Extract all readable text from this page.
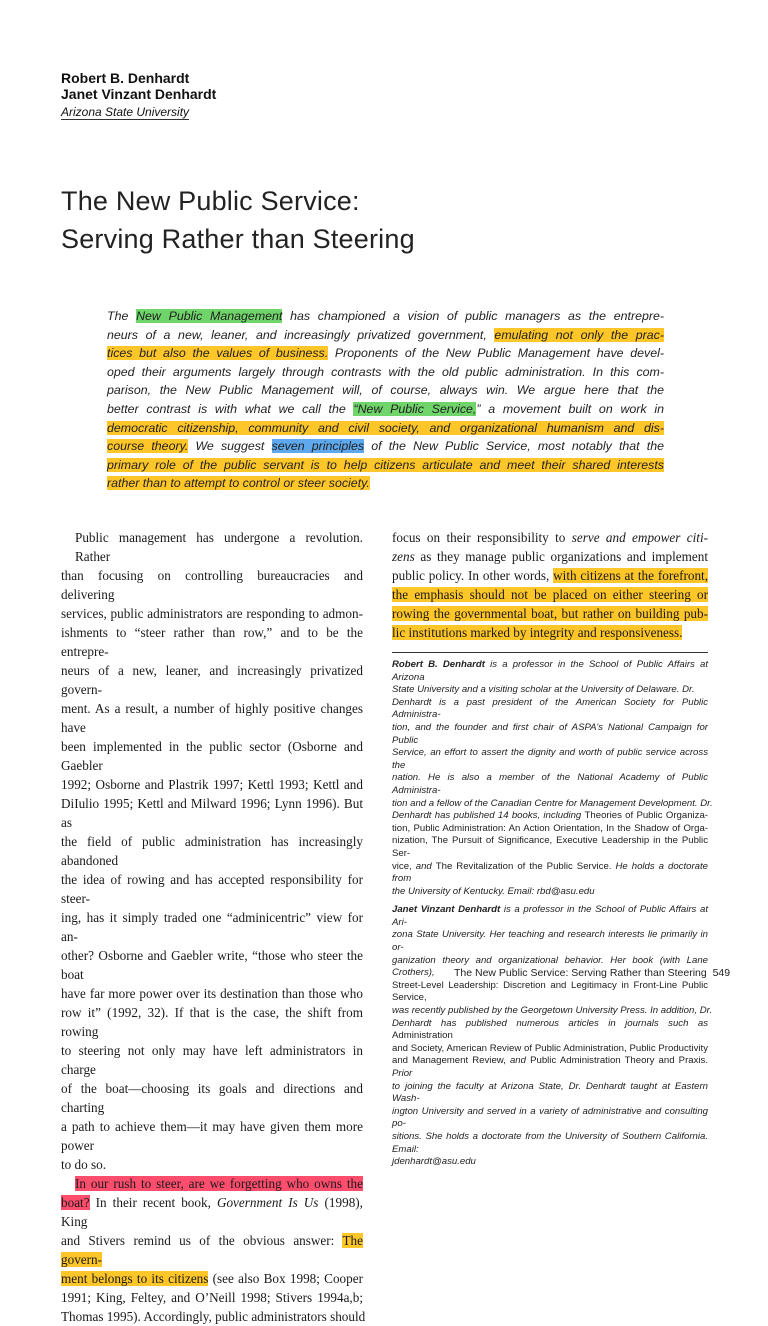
Robert B. Denhardt
Janet Vinzant Denhardt
Arizona State University
The New Public Service:
Serving Rather than Steering
The New Public Management has championed a vision of public managers as the entrepre-
neurs of a new, leaner, and increasingly privatized government, emulating not only the prac-
tices but also the values of business. Proponents of the New Public Management have devel-
oped their arguments largely through contrasts with the old public administration. In this com-
parison, the New Public Management will, of course, always win. We argue here that the
better contrast is with what we call the “New Public Service,” a movement built on work in
democratic citizenship, community and civil society, and organizational humanism and dis-
course theory. We suggest seven principles of the New Public Service, most notably that the
primary role of the public servant is to help citizens articulate and meet their shared interests
rather than to attempt to control or steer society.
Public management has undergone a revolution. Rather
than focusing on controlling bureaucracies and delivering
services, public administrators are responding to admon-
ishments to “steer rather than row,” and to be the entrepre-
neurs of a new, leaner, and increasingly privatized govern-
ment. As a result, a number of highly positive changes have
been implemented in the public sector (Osborne and Gaebler
1992; Osborne and Plastrik 1997; Kettl 1993; Kettl and
DiIulio 1995; Kettl and Milward 1996; Lynn 1996). But as
the field of public administration has increasingly abandoned
the idea of rowing and has accepted responsibility for steer-
ing, has it simply traded one “adminicentric” view for an-
other? Osborne and Gaebler write, “those who steer the boat
have far more power over its destination than those who
row it” (1992, 32). If that is the case, the shift from rowing
to steering not only may have left administrators in charge
of the boat—choosing its goals and directions and charting
a path to achieve them—it may have given them more power
to do so.
In our rush to steer, are we forgetting who owns the
boat? In their recent book, Government Is Us (1998), King
and Stivers remind us of the obvious answer: The govern-
ment belongs to its citizens (see also Box 1998; Cooper
1991; King, Feltey, and O’Neill 1998; Stivers 1994a,b;
Thomas 1995). Accordingly, public administrators should
focus on their responsibility to serve and empower citi-
zens as they manage public organizations and implement
public policy. In other words, with citizens at the forefront,
the emphasis should not be placed on either steering or
rowing the governmental boat, but rather on building pub-
lic institutions marked by integrity and responsiveness.
Robert B. Denhardt is a professor in the School of Public Affairs at Arizona
State University and a visiting scholar at the University of Delaware. Dr.
Denhardt is a past president of the American Society for Public Administra-
tion, and the founder and first chair of ASPA’s National Campaign for Public
Service, an effort to assert the dignity and worth of public service across the
nation. He is also a member of the National Academy of Public Administra-
tion and a fellow of the Canadian Centre for Management Development. Dr.
Denhardt has published 14 books, including Theories of Public Organiza-
tion, Public Administration: An Action Orientation, In the Shadow of Orga-
nization, The Pursuit of Significance, Executive Leadership in the Public Ser-
vice, and The Revitalization of the Public Service. He holds a doctorate from
the University of Kentucky. Email: rbd@asu.edu
Janet Vinzant Denhardt is a professor in the School of Public Affairs at Ari-
zona State University. Her teaching and research interests lie primarily in or-
ganization theory and organizational behavior. Her book (with Lane Crothers),
Street-Level Leadership: Discretion and Legitimacy in Front-Line Public Service,
was recently published by the Georgetown University Press. In addition, Dr.
Denhardt has published numerous articles in journals such as Administration
and Society, American Review of Public Administration, Public Productivity
and Management Review, and Public Administration Theory and Praxis. Prior
to joining the faculty at Arizona State, Dr. Denhardt taught at Eastern Wash-
ington University and served in a variety of administrative and consulting po-
sitions. She holds a doctorate from the University of Southern California. Email:
jdenhardt@asu.edu
The New Public Service: Serving Rather than Steering 549
